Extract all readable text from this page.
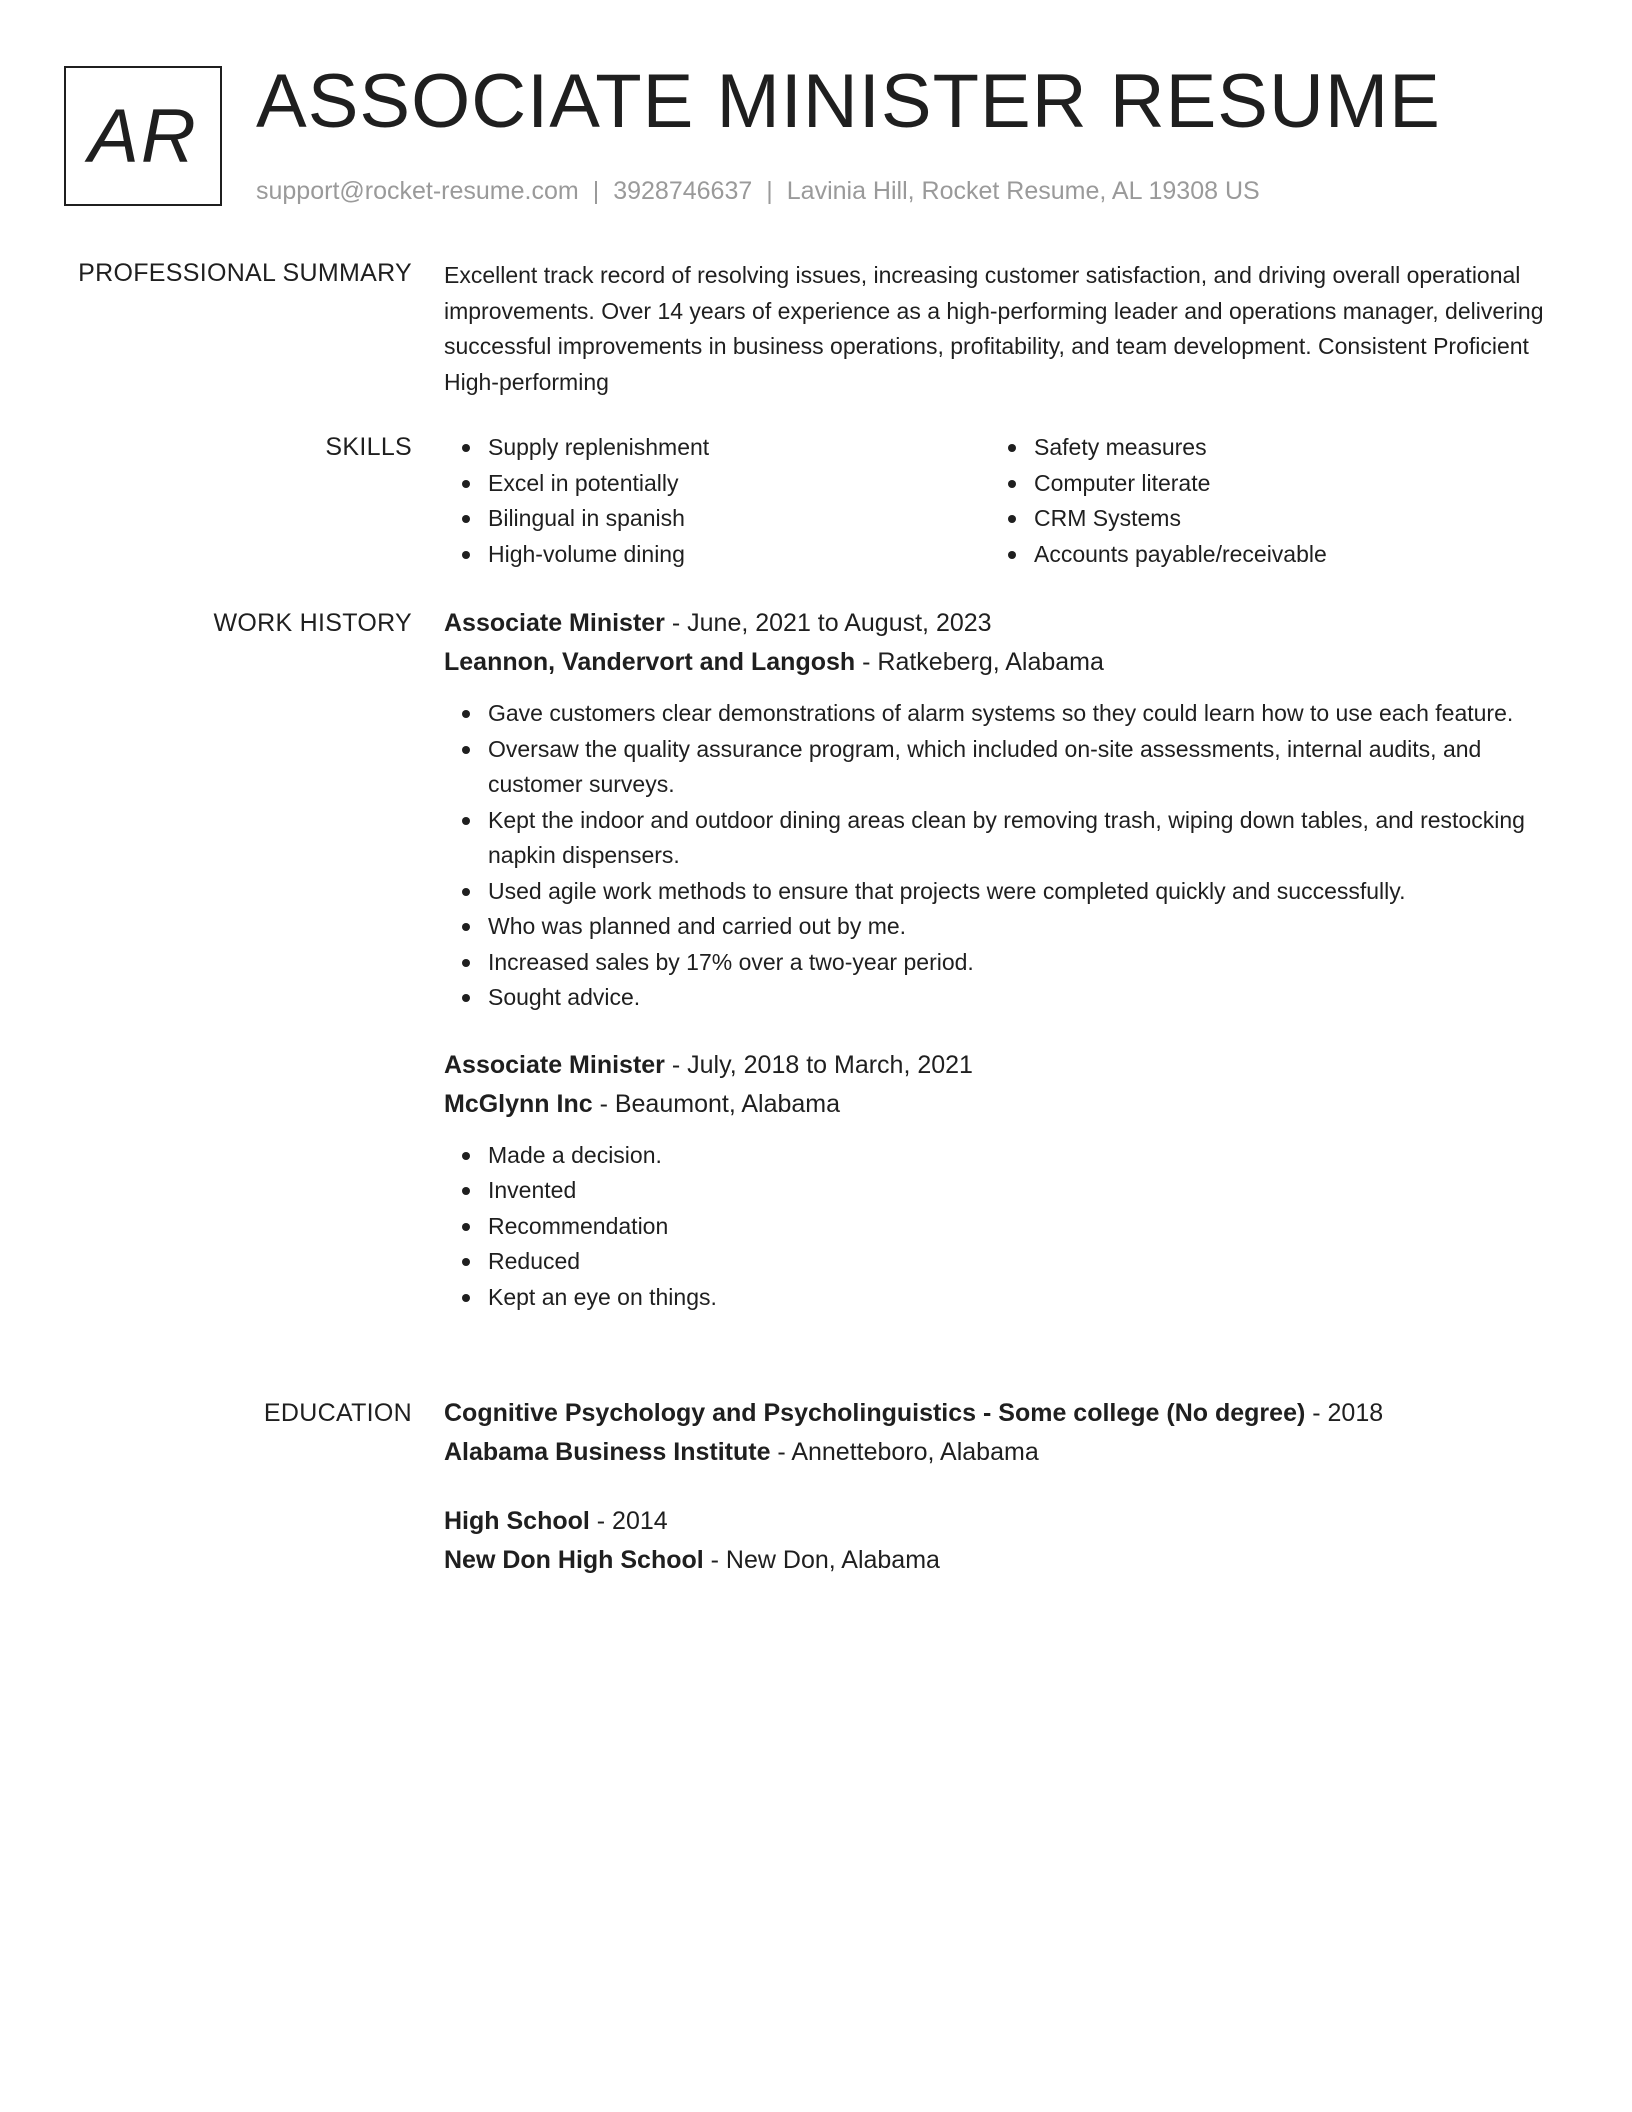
AR ASSOCIATE MINISTER RESUME
support@rocket-resume.com | 3928746637 | Lavinia Hill, Rocket Resume, AL 19308 US
PROFESSIONAL SUMMARY Excellent track record of resolving issues, increasing customer satisfaction, and driving overall operational improvements. Over 14 years of experience as a high-performing leader and operations manager, delivering successful improvements in business operations, profitability, and team development. Consistent Proficient High-performing

SKILLS	Supply replenishment
Excel in potentially
Bilingual in spanish
High-volume dining
Safety measures
Computer literate
CRM Systems
Accounts payable/receivable
WORK HISTORY Associate Minister - June, 2021 to August, 2023
Leannon, Vandervort and Langosh - Ratkeberg, Alabama
Gave customers clear demonstrations of alarm systems so they could learn how to use each feature.
Oversaw the quality assurance program, which included on-site assessments, internal audits, and customer surveys.
Kept the indoor and outdoor dining areas clean by removing trash, wiping down tables, and restocking napkin dispensers.
Used agile work methods to ensure that projects were completed quickly and successfully.
Who was planned and carried out by me.
Increased sales by 17% over a two-year period.
Sought advice.
Associate Minister - July, 2018 to March, 2021
McGlynn Inc - Beaumont, Alabama
Made a decision.
Invented
Recommendation
Reduced
Kept an eye on things.
EDUCATION Cognitive Psychology and Psycholinguistics - Some college (No degree) - 2018
Alabama Business Institute - Annetteboro, Alabama
High School - 2014
New Don High School - New Don, Alabama
